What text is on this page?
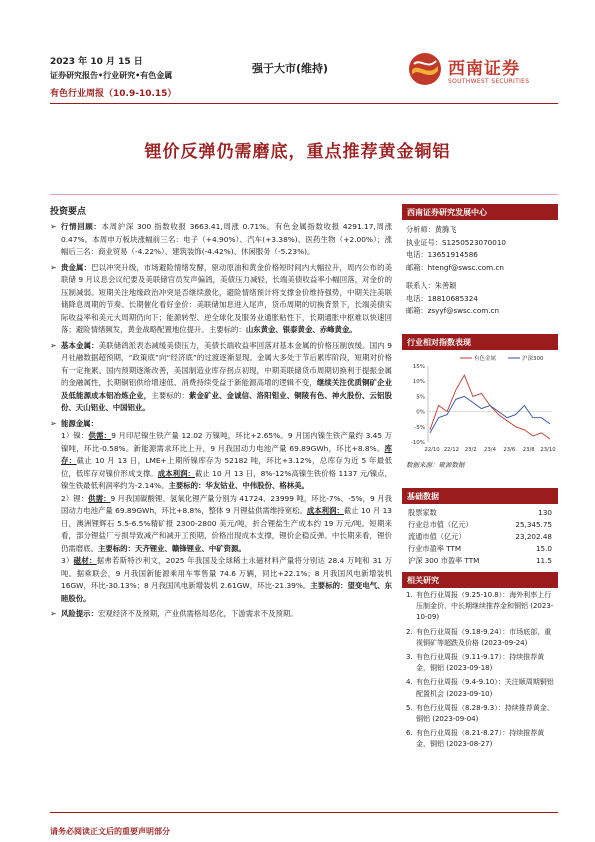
2023 年 10 月 15 日
证券研究报告•行业研究•有色金属
有色行业周报（10.9-10.15）
强于大市(维持)	西南证券
SOUTHWEST SECURITIES
锂价反弹仍需磨底，重点推荐黄金铜铝
投资要点
➢ 行情回顾：本周沪深 300 指数收报 3663.41,周涨 0.71%。有色金属指数收报 4291.17,周涨 0.47%。本周申万板块涨幅前三名：电子（+4.90%）、汽车(+3.38%)、医药生物（+2.00%）；涨幅后三名：商业贸易（-4.22%）、建筑装饰(-4.42%)、休闲服务（-5.23%)。

➢ 贵金属：巴以冲突升级，市场避险情绪发酵，驱动原油和黄金价格短时间内大幅拉升，周内公布的美联储 9 月议息会议纪要及美联储官员发声偏鸽，美债压力减轻，长端美债收益率小幅回落，对金价的压制减弱。短期关注地缘政治冲突是否继续激化，避险情绪预计将支撑金价维持强势，中期关注美联储降息周期的节奏。长期催化看好金价：美联储加息进入尾声，货币周期的切换背景下，长端美债实际收益率和美元大周期仍向下；能源转型、逆全球化及服务业通胀粘性下，长期通胀中枢难以快速回落；避险情绪频发，黄金战略配置地位提升。主要标的：山东黄金、银泰黄金、赤峰黄金。

➢ 基本金属：美联储鸽派表态减缓美债压力，美债长端收益率回落对基本金属的价格压制放缓。国内 9 月社融数据超预期，“政策底”向“经济底”的过渡逐渐显现。金属大多处于节后累库阶段，短期对价格有一定拖累。国内预期逐渐改善，美国制造业库存拐点初现，中期美联储货币周期切换利于提振金属的金融属性，长期铜铝供给增速低、消费持续受益于新能源高增的逻辑不变，继续关注优质铜矿企业及低能源成本铝冶炼企业，主要标的：紫金矿业、金诚信、洛阳钼业、铜陵有色、神火股份、云铝股份、天山铝业、中国铝业。

➢ 能源金属：

1）镍：供需：9 月印尼镍生铁产量 12.02 万镍吨，环比+2.65%。9 月国内镍生铁产量约 3.45 万镍吨，环比-0.58%。新能源需求环比上升，9 月我国动力电池产量 69.89GWh，环比+8.8%。库存：截止 10 月 13 日，LME+上期所镍库存为 52182 吨，环比+3.12%，总库存为近 5 年最低位，低库存对镍价形成支撑。成本利润：截止 10 月 13 日，8%-12%高镍生铁价格 1137 元/镍点，镍生铁最低利润率约为-2.14%。主要标的：华友钴业、中伟股份、格林美。

2）锂：供需：9 月我国碳酸锂、氢氧化锂产量分别为 41724、23999 吨，环比-7%、-5%，9 月我国动力电池产量 69.89GWh，环比+8.8%，整体 9 月锂盐供需维持宽松。成本利润：截止 10 月 13 日，澳洲锂辉石 5.5-6.5%精矿报 2300-2800 美元/吨，折合锂盐生产成本约 19 万元/吨。短期来看，部分锂盐厂亏损导致减产和减开工预期，价格出现成本支撑，锂价企稳反弹。中长期来看，锂价仍需磨底。主要标的：天齐锂业、赣锋锂业、中矿资源。

3）磁材：据弗若斯特沙利文，2025 年我国及全球稀土永磁材料产量将分别达 28.4 万吨和 31 万吨。据乘联会，9 月我国新能源乘用车零售量 74.6 万辆，同比+22.1%；8 月我国风电新增装机 16GW，环比-30.13%；8 月我国风电新增装机 2.61GW，环比-21.39%。主要标的：望变电气、东睦股份。

➢ 风险提示：宏观经济不及预期，产业供需格局恶化，下游需求不及预期。

西南证券研究发展中心
分析师：黄腾飞
执业证号：S1250523070010
电话：13651914586
邮箱：htengf@swsc.com.cn
联系人：朱善颖
电话：18810685324
邮箱：zsyyf@swsc.com.cn
行业相对指数表现
15%
10%
5%
0%
-5%
-10%
22/10 22/12 23/2 23/4 23/6 23/8 23/10
有色金属	沪深300
数据来源：聚源数据
基础数据
股票家数	130
行业总市值（亿元）	25,345.75
流通市值（亿元）	23,202.48
行业市盈率 TTM	15.0
沪深 300 市盈率 TTM	11.5
相关研究
1. 有色行业周报（9.25-10.8）：海外利率上行压制金价，中长期继续推荐金和铜铝 (2023-10-09)
2. 有色行业周报（9.18-9.24）：市场底部，重视铜矿等超跌及价格 (2023-09-24)
3. 有色行业周报（9.11-9.17）：持续推荐黄金，铜铝 (2023-09-18)
4. 有色行业周报（9.4-9.10）：关注顺周期铜铝配置机会 (2023-09-10)
5. 有色行业周报（8.28-9.3）：持续推荐黄金、铜铝 (2023-09-04)
6. 有色行业周报（8.21-8.27）：持续推荐黄金、铜铝 (2023-08-27)
请务必阅读正文后的重要声明部分
